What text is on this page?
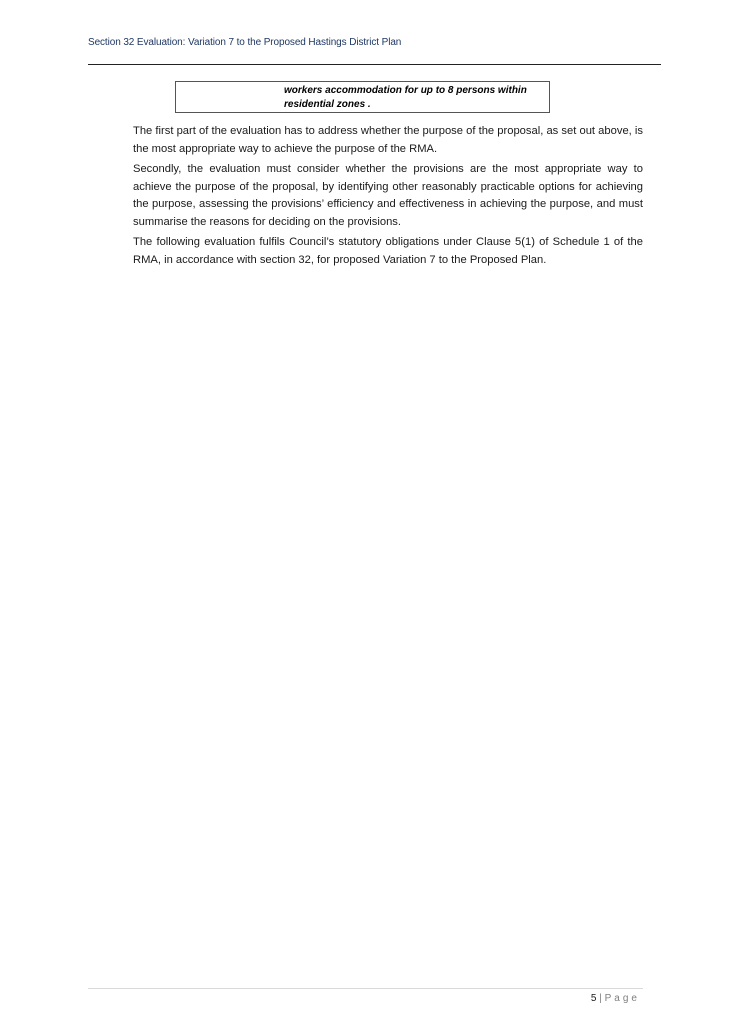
Section 32 Evaluation: Variation 7 to the Proposed Hastings District Plan
workers accommodation for up to 8 persons within
residential zones .

The first part of the evaluation has to address whether the purpose of the proposal, as set out above, is the most appropriate way to achieve the purpose of the RMA.

Secondly, the evaluation must consider whether the provisions are the most appropriate way to achieve the purpose of the proposal, by identifying other reasonably practicable options for achieving the purpose, assessing the provisions’ efficiency and effectiveness in achieving the purpose, and must summarise the reasons for deciding on the provisions.

The following evaluation fulfils Council’s statutory obligations under Clause 5(1) of Schedule 1 of the RMA, in accordance with section 32, for proposed Variation 7 to the Proposed Plan.

5 | Page
